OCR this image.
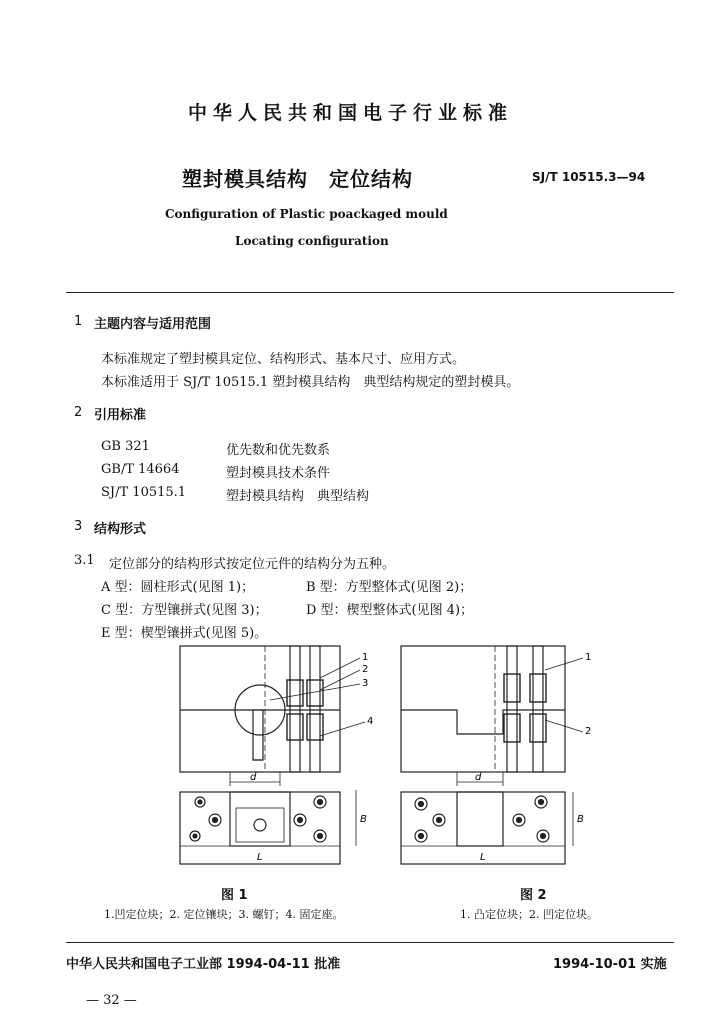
中华人民共和国电子行业标准
塑封模具结构　定位结构	SJ/T 10515.3—94
Configuration of Plastic poackaged mould
Locating configuration
1 主题内容与适用范围
本标准规定了塑封模具定位、结构形式、基本尺寸、应用方式。
本标准适用于 SJ/T 10515.1 塑封模具结构　典型结构规定的塑封模具。
2 引用标准
GB 321	优先数和优先数系
GB/T 14664	塑封模具技术条件
SJ/T 10515.1	塑封模具结构　典型结构
3 结构形式
3.1 定位部分的结构形式按定位元件的结构分为五种。
A 型：圆柱形式(见图 1)；	B 型：方型整体式(见图 2)；
C 型：方型镶拼式(见图 3)；	D 型：楔型整体式(见图 4)；
E 型：楔型镶拼式(见图 5)。
1
2
3
4
d
L
B
1
2
d
L
B
图 1	图 2
1.凹定位块；2. 定位镶块；3. 螺钉；4. 固定座。	1. 凸定位块；2. 凹定位块。
中华人民共和国电子工业部 1994-04-11 批准	1994-10-01 实施
— 32 —
